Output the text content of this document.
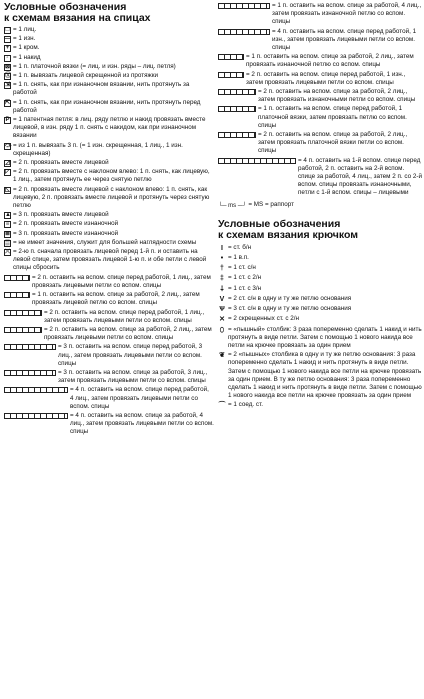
Условные обозначения
к схемам вязания на спицах
□ = 1 лиц.
— = 1 изн.
+ = 1 кром.
◦ = 1 накид
⊠ = 1 п. платочной вязки (= лиц. и изн. ряды – лиц. петля)
Ⓧ = 1 п. вывязать лицевой скрещенной из протяжки
⇲ = 1 п. снять, как при изнаночном вязании, нить протянуть за работой
⇱ = 1 п. снять, как при изнаночном вязании, нить протянуть перед работой
P = 1 патентная петля: в лиц. ряду петлю и накид провязать вместе лицевой, в изн. ряду 1 п. снять с накидом, как при изнаночном вязании
⤼ = из 1 п. вывязать 3 п. (= 1 изн. скрещенная, 1 лиц., 1 изн. скрещенная)
◿ = 2 п. провязать вместе лицевой
◸ = 2 п. провязать вместе с наклоном влево: 1 п. снять, как лицевую, 1 лиц., затем протянуть ее через снятую петлю
◺ = 2 п. провязать вместе лицевой с наклоном влево: 1 п. снять, как лицевую, 2 п. провязать вместе лицевой и протянуть через снятую петлю
▲ = 3 п. провязать вместе лицевой
≡ = 2 п. провязать вместе изнаночной
≣ = 3 п. провязать вместе изнаночной
▒ = не имеет значения, служит для большей наглядности схемы
⤫ = 2-ю п. сначала провязать лицевой перед 1-й п. и оставить на левой спице, затем провязать лицевой 1-ю п. и обе петли с левой спицы сбросить
= 2 п. оставить на вспом. спице перед работой, 1 лиц., затем провязать лицевыми петли со вспом. спицы
= 1 п. оставить на вспом. спице за работой, 2 лиц., затем провязать лицевой петлю со вспом. спицы
= 2 п. оставить на вспом. спице перед работой, 1 лиц., затем провязать лицевыми петли со вспом. спицы
= 2 п. оставить на вспом. спице за работой, 2 лиц., затем провязать лицевыми петли со вспом. спицы
= 3 п. оставить на вспом. спице перед работой, 3 лиц., затем провязать лицевыми петли со вспом. спицы
= 3 п. оставить на вспом. спице за работой, 3 лиц., затем провязать лицевыми петли со вспом. спицы
= 4 п. оставить на вспом. спице перед работой, 4 лиц., затем провязать лицевыми петли со вспом. спицы
= 4 п. оставить на вспом. спице за работой, 4 лиц., затем провязать лицевыми петли со вспом. спицы
= 1 п. оставить на вспом. спице за работой, 4 лиц., затем провязать изнаночной петлю со вспом. спицы
= 4 п. оставить на вспом. спице перед работой, 1 изн., затем провязать лицевыми петли со вспом. спицы
= 1 п. оставить на вспом. спице за работой, 2 лиц., затем провязать изнаночной петлю со вспом. спицы
= 2 п. оставить на вспом. спице перед работой, 1 изн., затем провязать лицевыми петли со вспом. спицы
= 2 п. оставить на вспом. спице за работой, 2 лиц., затем провязать изнаночными петли со вспом. спицы
= 1 п. оставить на вспом. спице перед работой, 1 платочной вязки, затем провязать петлю со вспом. спицы
= 2 п. оставить на вспом. спице за работой, 2 лиц., затем провязать платочной вязки петли со вспом. спицы
= 4 п. оставить на 1-й вспом. спице перед работой, 2 п. оставить на 2-й вспом. спице за работой, 4 лиц., затем 2 п. со 2-й вспом. спицы провязать изнаночными, петли с 1-й вспом. спицы – лицевыми
└─ ms ─┘ = MS = раппорт
Условные обозначения
к схемам вязания крючком
I = ст. б/н
• = 1 в.п.
† = 1 ст. с/н
‡ = 1 ст. с 2/н
⸸ = 1 ст. с 3/н
V = 2 ст. с/н в одну и ту же петлю основания
Ѱ = 3 ст. с/н в одну и ту же петлю основания
✕ = 2 скрещенных ст. с 2/н
⬯ = «пышный» столбик: 3 раза попеременно сделать 1 накид и нить протянуть в виде петли. Затем с помощью 1 нового накида все петли на крючке провязать за один прием
❦ = 2 «пышных» столбика в одну и ту же петлю основания: 3 раза попеременно сделать 1 накид и нить протянуть в виде петли. Затем с помощью 1 нового накида все петли на крючке провязать за один прием. В ту же петлю основания: 3 раза попеременно сделать 1 накид и нить протянуть в виде петли. Затем с помощью 1 нового накида все петли на крючке провязать за один прием
⌒ = 1 соед. ст.
